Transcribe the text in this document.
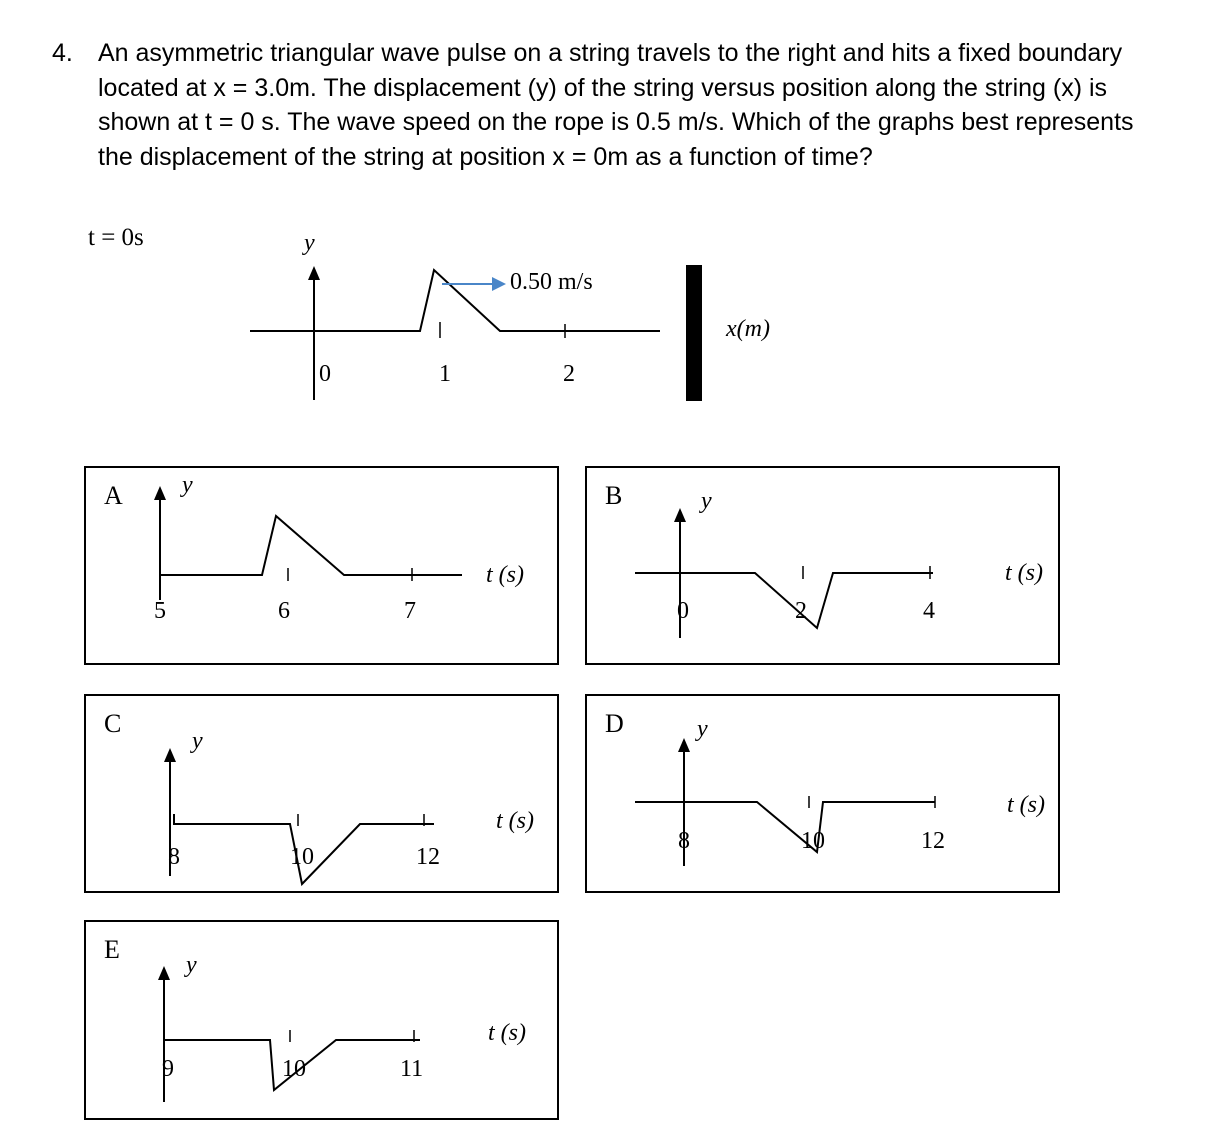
4. An asymmetric triangular wave pulse on a string travels to the right and hits a fixed boundary located at x = 3.0m. The displacement (y) of the string versus position along the string (x) is shown at t = 0 s. The wave speed on the rope is 0.5 m/s. Which of the graphs best represents the displacement of the string at position x = 0m as a function of time?
t = 0s	y
0.50 m/s
x(m)
0	1	2
A y
5	6	7
t (s)
B	y
0	2	4
t (s)
C
y
8	10	12
t (s)
D	y
8	10	12
t (s)
E
y
9	10	11
t (s)
